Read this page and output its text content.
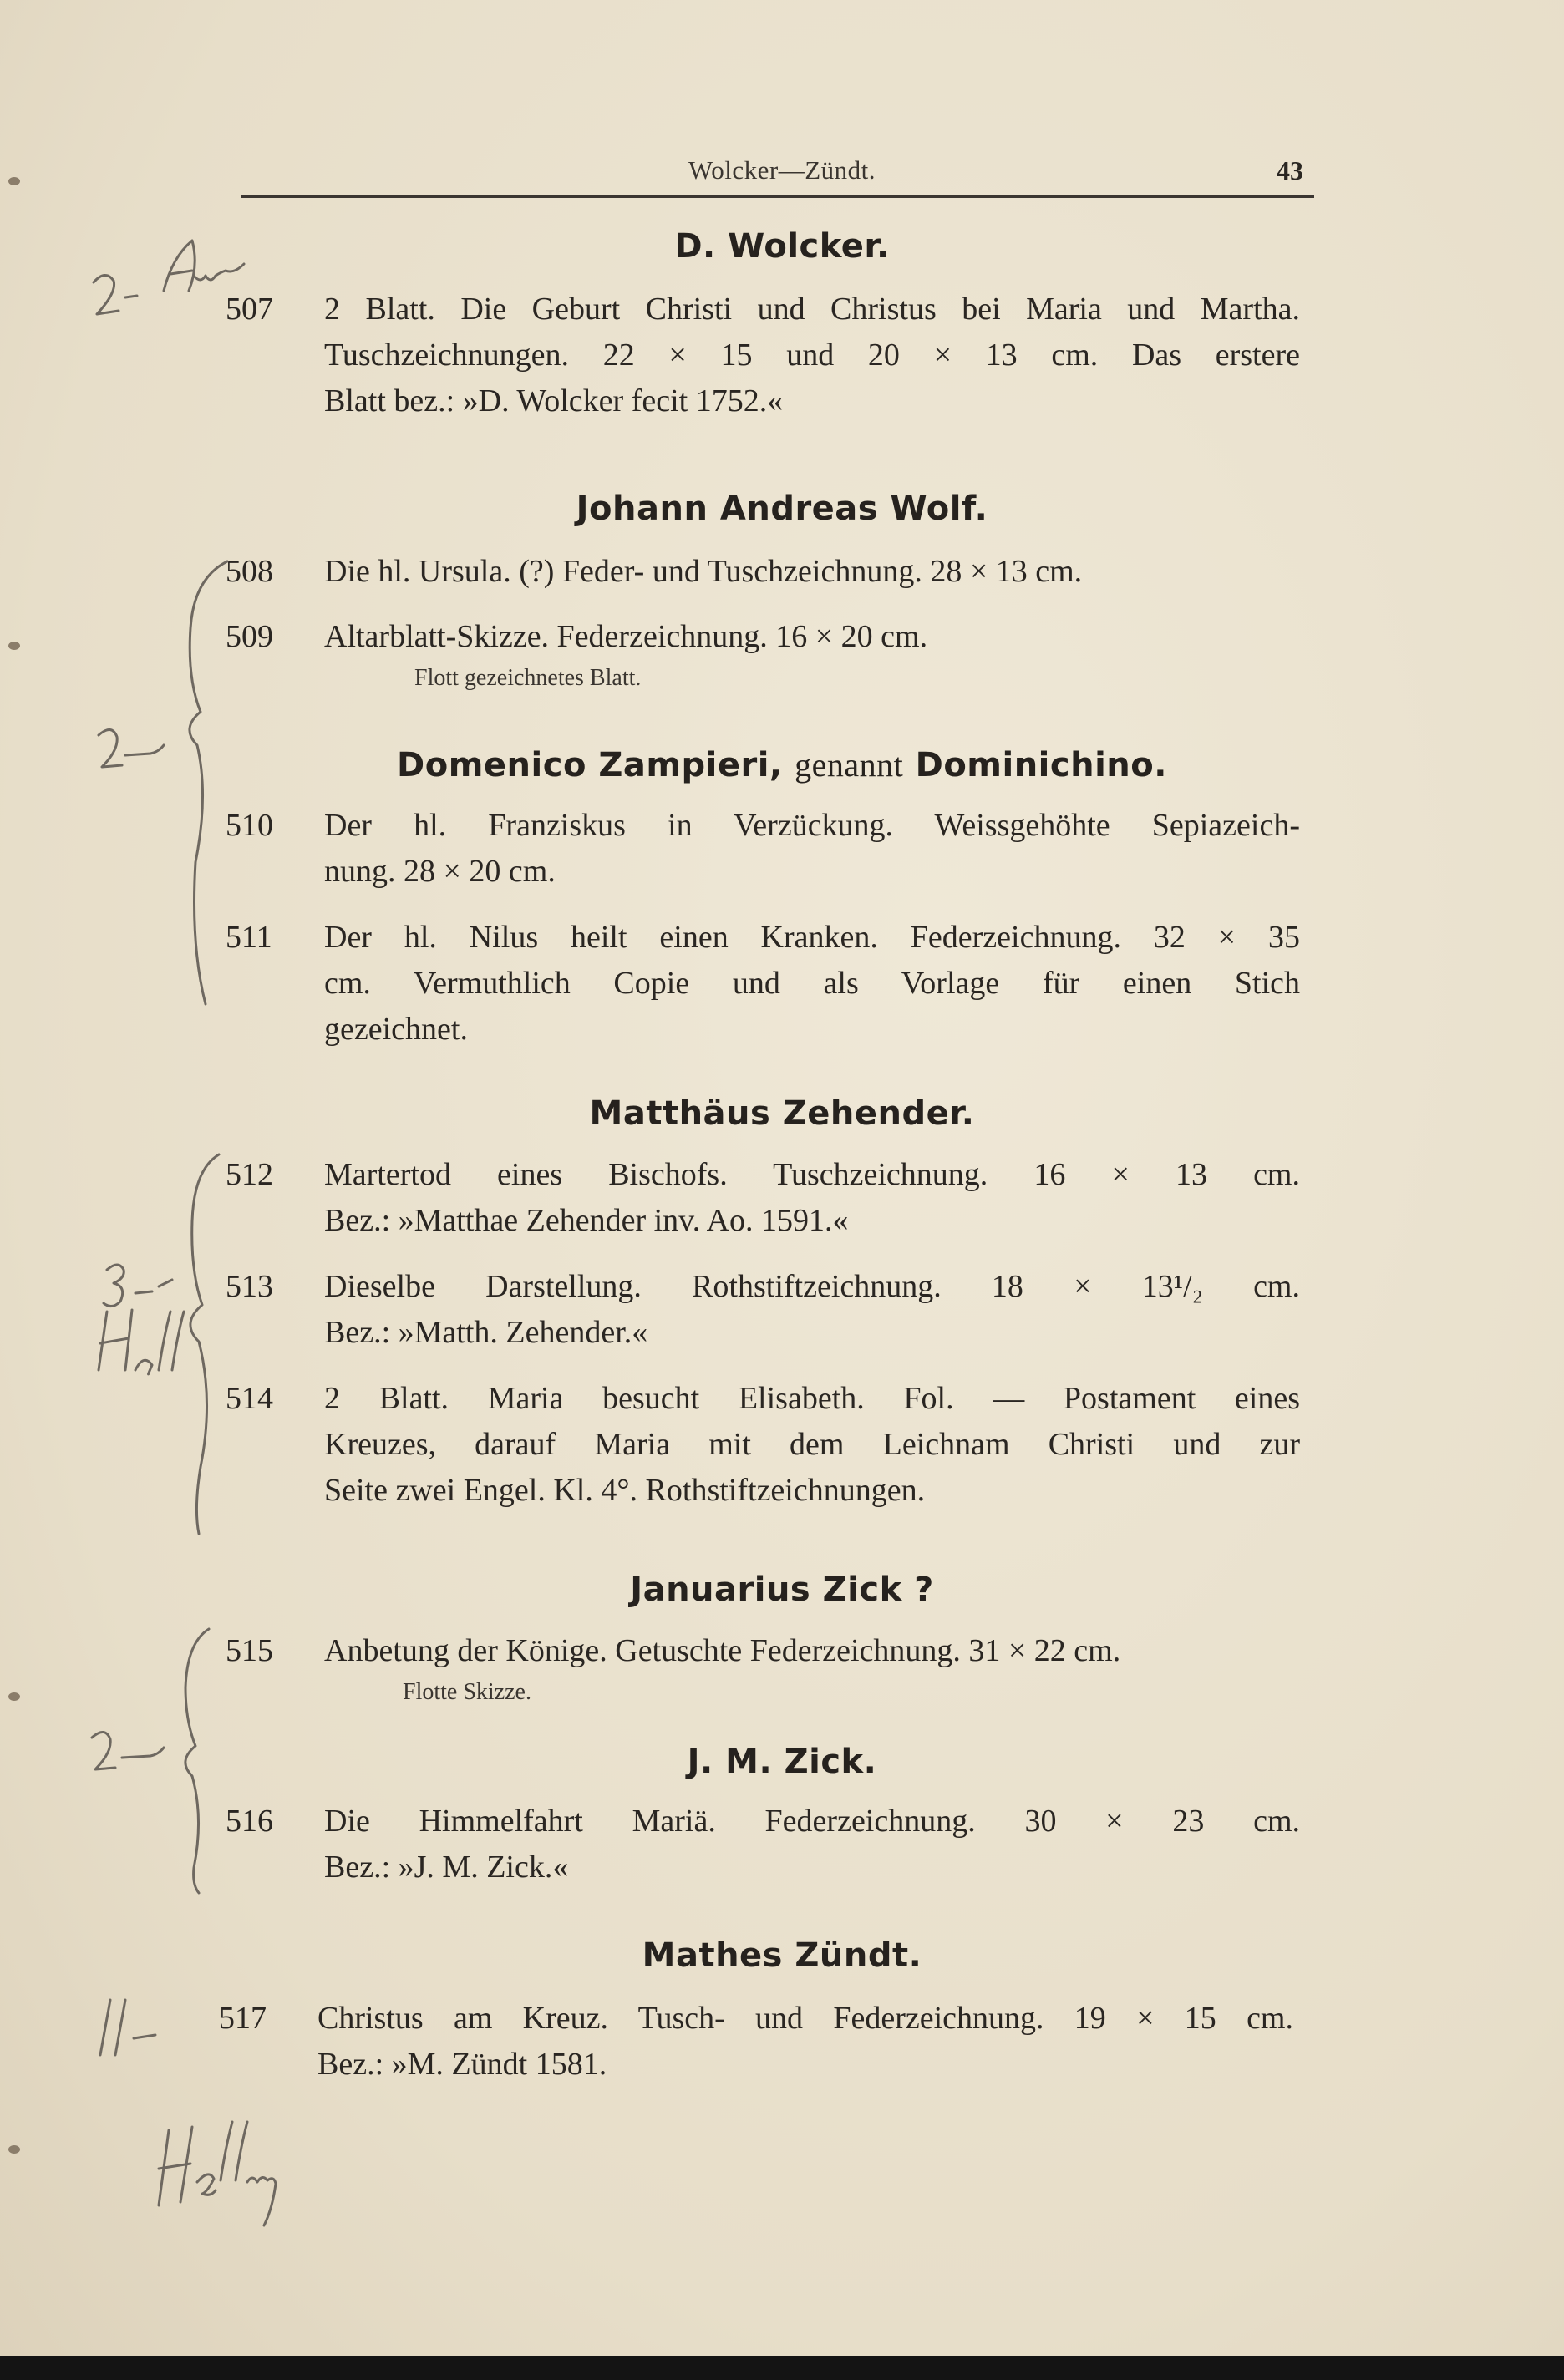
Wolcker—Zündt.	43
D. Wolcker.
507	2 Blatt. Die Geburt Christi und Christus bei Maria und Martha.
Tuschzeichnungen. 22 × 15 und 20 × 13 cm. Das erstere
Blatt bez.: »D. Wolcker fecit 1752.«
Johann Andreas Wolf.
508	Die hl. Ursula. (?) Feder- und Tuschzeichnung. 28 × 13 cm.
509	Altarblatt-Skizze. Federzeichnung. 16 × 20 cm.
Flott gezeichnetes Blatt.
Domenico Zampieri, genannt Dominichino.
510	Der hl. Franziskus in Verzückung. Weissgehöhte Sepiazeich-
nung. 28 × 20 cm.
511	Der hl. Nilus heilt einen Kranken. Federzeichnung. 32 × 35
cm. Vermuthlich Copie und als Vorlage für einen Stich
gezeichnet.
Matthäus Zehender.
512	Martertod eines Bischofs. Tuschzeichnung. 16 × 13 cm.
Bez.: »Matthae Zehender inv. Ao. 1591.«
513	Dieselbe Darstellung. Rothstiftzeichnung. 18 × 13¹/₂ cm.
Bez.: »Matth. Zehender.«
514	2 Blatt. Maria besucht Elisabeth. Fol. — Postament eines
Kreuzes, darauf Maria mit dem Leichnam Christi und zur
Seite zwei Engel. Kl. 4°. Rothstiftzeichnungen.
Januarius Zick ?
515	Anbetung der Könige. Getuschte Federzeichnung. 31 × 22 cm.
Flotte Skizze.
J. M. Zick.
516	Die Himmelfahrt Mariä. Federzeichnung. 30 × 23 cm.
Bez.: »J. M. Zick.«
Mathes Zündt.
517	Christus am Kreuz. Tusch- und Federzeichnung. 19 × 15 cm.
Bez.: »M. Zündt 1581.
